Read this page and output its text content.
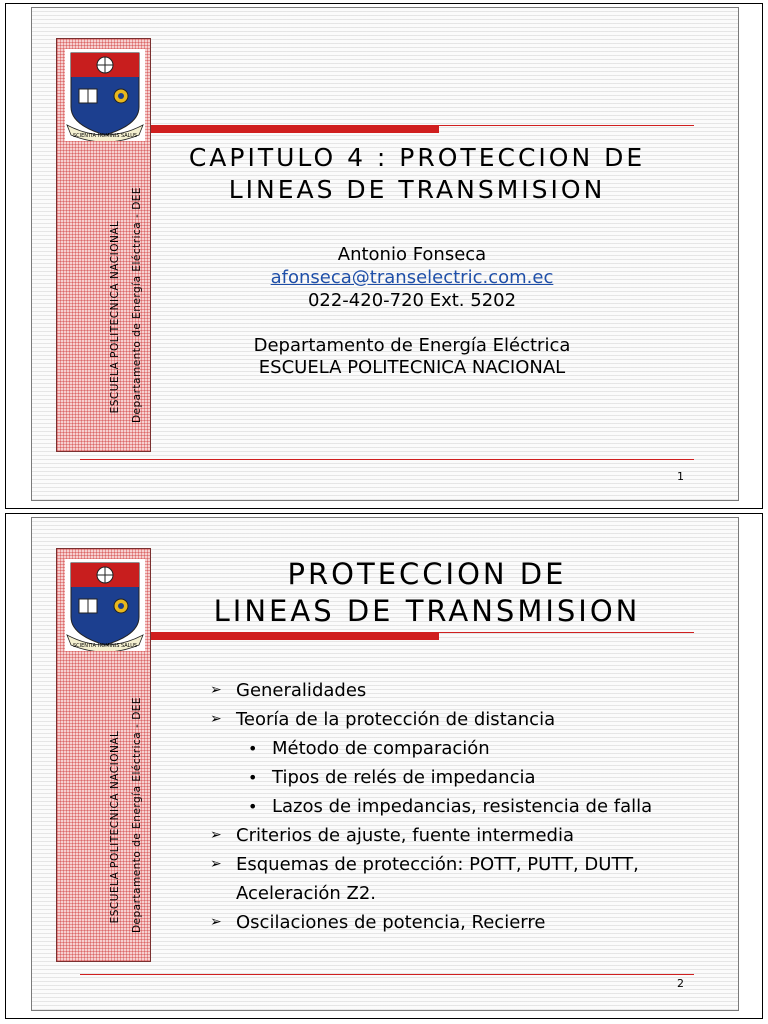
SCIENTIA HOMINIS SALUS
ESCUELA POLITECNICA NACIONAL Departamento de Energía Eléctrica - DEE
CAPITULO 4 : PROTECCION DE
LINEAS DE TRANSMISION
Antonio Fonseca
afonseca@transelectric.com.ec
022-420-720 Ext. 5202
Departamento de Energía Eléctrica
ESCUELA POLITECNICA NACIONAL
1
SCIENTIA HOMINIS SALUS
ESCUELA POLITECNICA NACIONAL Departamento de Energía Eléctrica - DEE
PROTECCION DE
LINEAS DE TRANSMISION
➢ Generalidades
➢ Teoría de la protección de distancia
• Método de comparación
• Tipos de relés de impedancia
• Lazos de impedancias, resistencia de falla
➢ Criterios de ajuste, fuente intermedia
➢ Esquemas de protección: POTT, PUTT, DUTT,
Aceleración Z2.
➢ Oscilaciones de potencia, Recierre
2
